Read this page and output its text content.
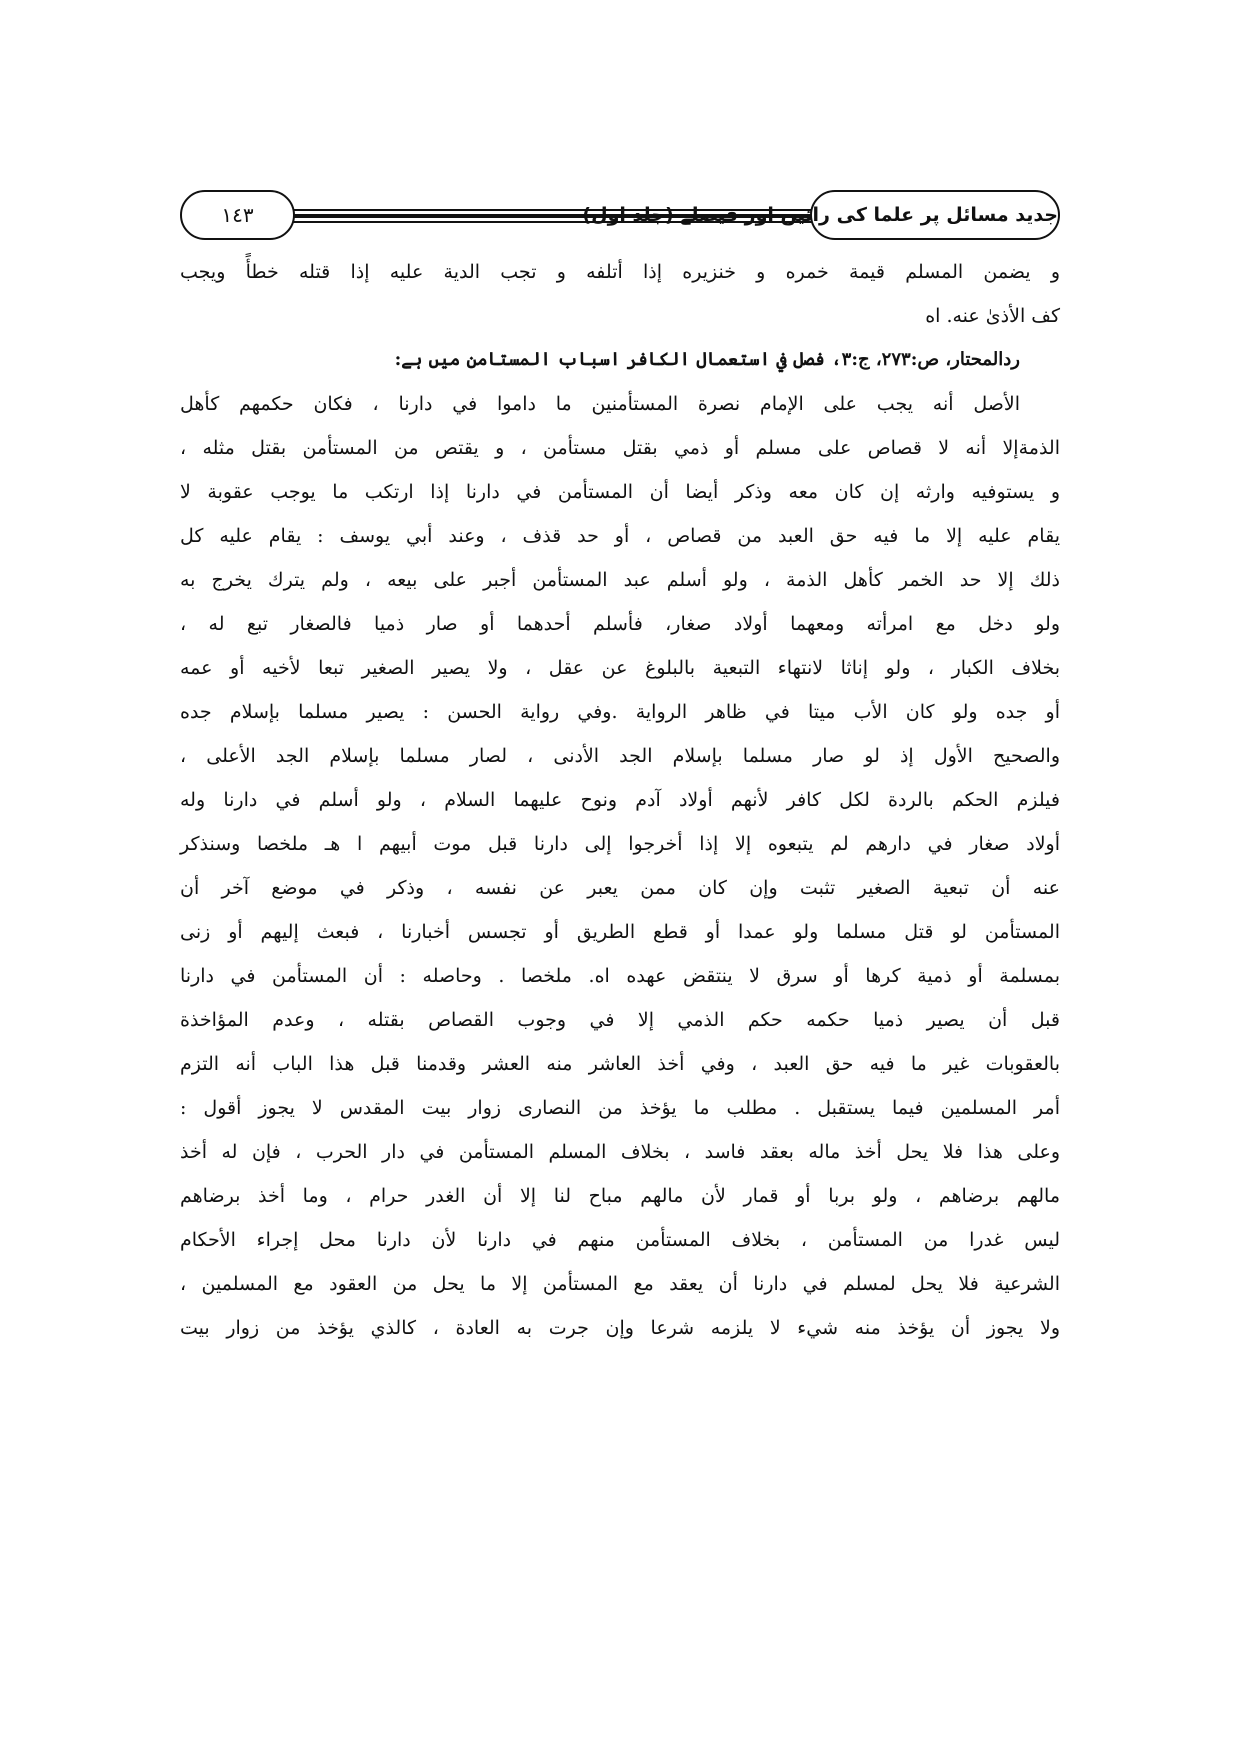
١٤٣	جدید مسائل پر علما کی رائیں اور فیصلے (جلد اول)
و يضمن المسلم قيمة خمره و خنزيره إذا أتلفه و تجب الدية عليه إذا قتله خطأً ويجب
كف الأذىٰ عنه. اه
ردالمحتار، ص:۲۷۳، ج:۳، فصل في استعمال الكافر اسباب المستامن میں ہے:
الأصل أنه يجب على الإمام نصرة المستأمنين ما داموا في دارنا ، فكان حكمهم كأهل
الذمةإلا أنه لا قصاص على مسلم أو ذمي بقتل مستأمن ، و يقتص من المستأمن بقتل مثله ،
و يستوفيه وارثه إن كان معه وذكر أيضا أن المستأمن في دارنا إذا ارتكب ما يوجب عقوبة لا
يقام عليه إلا ما فيه حق العبد من قصاص ، أو حد قذف ، وعند أبي يوسف : يقام عليه كل
ذلك إلا حد الخمر كأهل الذمة ، ولو أسلم عبد المستأمن أجبر على بيعه ، ولم يترك يخرج به
ولو دخل مع امرأته ومعهما أولاد صغار، فأسلم أحدهما أو صار ذميا فالصغار تبع له ،
بخلاف الكبار ، ولو إناثا لانتهاء التبعية بالبلوغ عن عقل ، ولا يصير الصغير تبعا لأخيه أو عمه
أو جده ولو كان الأب ميتا في ظاهر الرواية .وفي رواية الحسن : يصير مسلما بإسلام جده
والصحيح الأول إذ لو صار مسلما بإسلام الجد الأدنى ، لصار مسلما بإسلام الجد الأعلى ،
فيلزم الحكم بالردة لكل كافر لأنهم أولاد آدم ونوح عليهما السلام ، ولو أسلم في دارنا وله
أولاد صغار في دارهم لم يتبعوه إلا إذا أخرجوا إلى دارنا قبل موت أبيهم ا هـ ملخصا وسنذكر
عنه أن تبعية الصغير تثبت وإن كان ممن يعبر عن نفسه ، وذكر في موضع آخر أن
المستأمن لو قتل مسلما ولو عمدا أو قطع الطريق أو تجسس أخبارنا ، فبعث إليهم أو زنى
بمسلمة أو ذمية كرها أو سرق لا ينتقض عهده اه. ملخصا . وحاصله : أن المستأمن في دارنا
قبل أن يصير ذميا حكمه حكم الذمي إلا في وجوب القصاص بقتله ، وعدم المؤاخذة
بالعقوبات غير ما فيه حق العبد ، وفي أخذ العاشر منه العشر وقدمنا قبل هذا الباب أنه التزم
أمر المسلمين فيما يستقبل . مطلب ما يؤخذ من النصارى زوار بيت المقدس لا يجوز أقول :
وعلى هذا فلا يحل أخذ ماله بعقد فاسد ، بخلاف المسلم المستأمن في دار الحرب ، فإن له أخذ
مالهم برضاهم ، ولو بربا أو قمار لأن مالهم مباح لنا إلا أن الغدر حرام ، وما أخذ برضاهم
ليس غدرا من المستأمن ، بخلاف المستأمن منهم في دارنا لأن دارنا محل إجراء الأحكام
الشرعية فلا يحل لمسلم في دارنا أن يعقد مع المستأمن إلا ما يحل من العقود مع المسلمين ،
ولا يجوز أن يؤخذ منه شيء لا يلزمه شرعا وإن جرت به العادة ، كالذي يؤخذ من زوار بيت
